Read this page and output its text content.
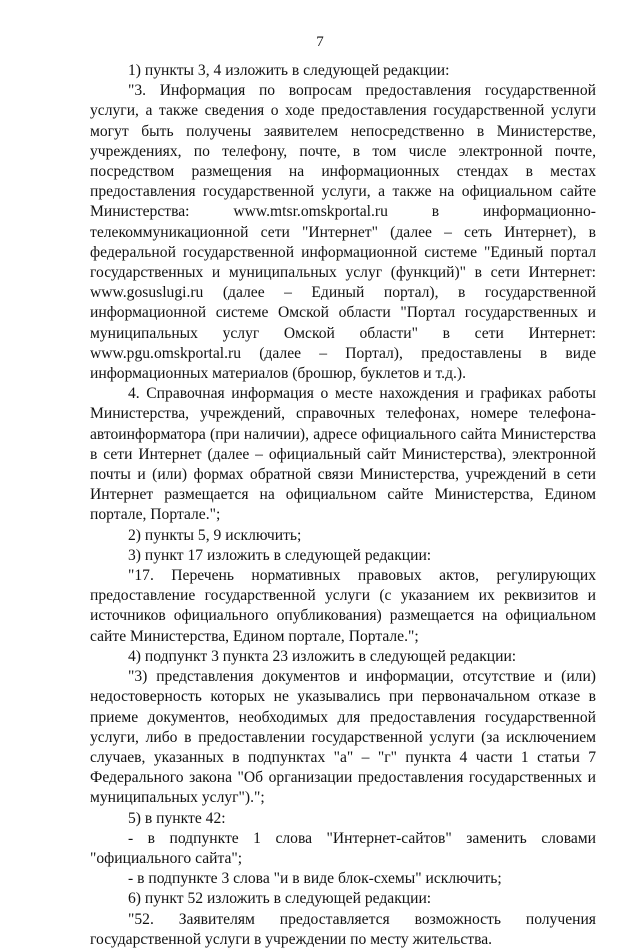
7

1) пункты 3, 4 изложить в следующей редакции:

"3. Информация по вопросам предоставления государственной услуги, а также сведения о ходе предоставления государственной услуги могут быть получены заявителем непосредственно в Министерстве, учреждениях, по телефону, почте, в том числе электронной почте, посредством размещения на информационных стендах в местах предоставления государственной услуги, а также на официальном сайте Министерства: www.mtsr.omskportal.ru в информационно-телекоммуникационной сети "Интернет" (далее – сеть Интернет), в федеральной государственной информационной системе "Единый портал государственных и муниципальных услуг (функций)" в сети Интернет: www.gosuslugi.ru (далее – Единый портал), в государственной информационной системе Омской области "Портал государственных и муниципальных услуг Омской области" в сети Интернет: www.pgu.omskportal.ru (далее – Портал), предоставлены в виде информационных материалов (брошюр, буклетов и т.д.).

4. Справочная информация о месте нахождения и графиках работы Министерства, учреждений, справочных телефонах, номере телефона-автоинформатора (при наличии), адресе официального сайта Министерства в сети Интернет (далее – официальный сайт Министерства), электронной почты и (или) формах обратной связи Министерства, учреждений в сети Интернет размещается на официальном сайте Министерства, Едином портале, Портале.";

2) пункты 5, 9 исключить;

3) пункт 17 изложить в следующей редакции:

"17. Перечень нормативных правовых актов, регулирующих предоставление государственной услуги (с указанием их реквизитов и источников официального опубликования) размещается на официальном сайте Министерства, Едином портале, Портале.";

4) подпункт 3 пункта 23 изложить в следующей редакции:

"3) представления документов и информации, отсутствие и (или) недостоверность которых не указывались при первоначальном отказе в приеме документов, необходимых для предоставления государственной услуги, либо в предоставлении государственной услуги (за исключением случаев, указанных в подпунктах "а" – "г" пункта 4 части 1 статьи 7 Федерального закона "Об организации предоставления государственных и муниципальных услуг").";

5) в пункте 42:

- в подпункте 1 слова "Интернет-сайтов" заменить словами "официального сайта";

- в подпункте 3 слова "и в виде блок-схемы" исключить;

6) пункт 52 изложить в следующей редакции:

"52. Заявителям предоставляется возможность получения государственной услуги в учреждении по месту жительства.
